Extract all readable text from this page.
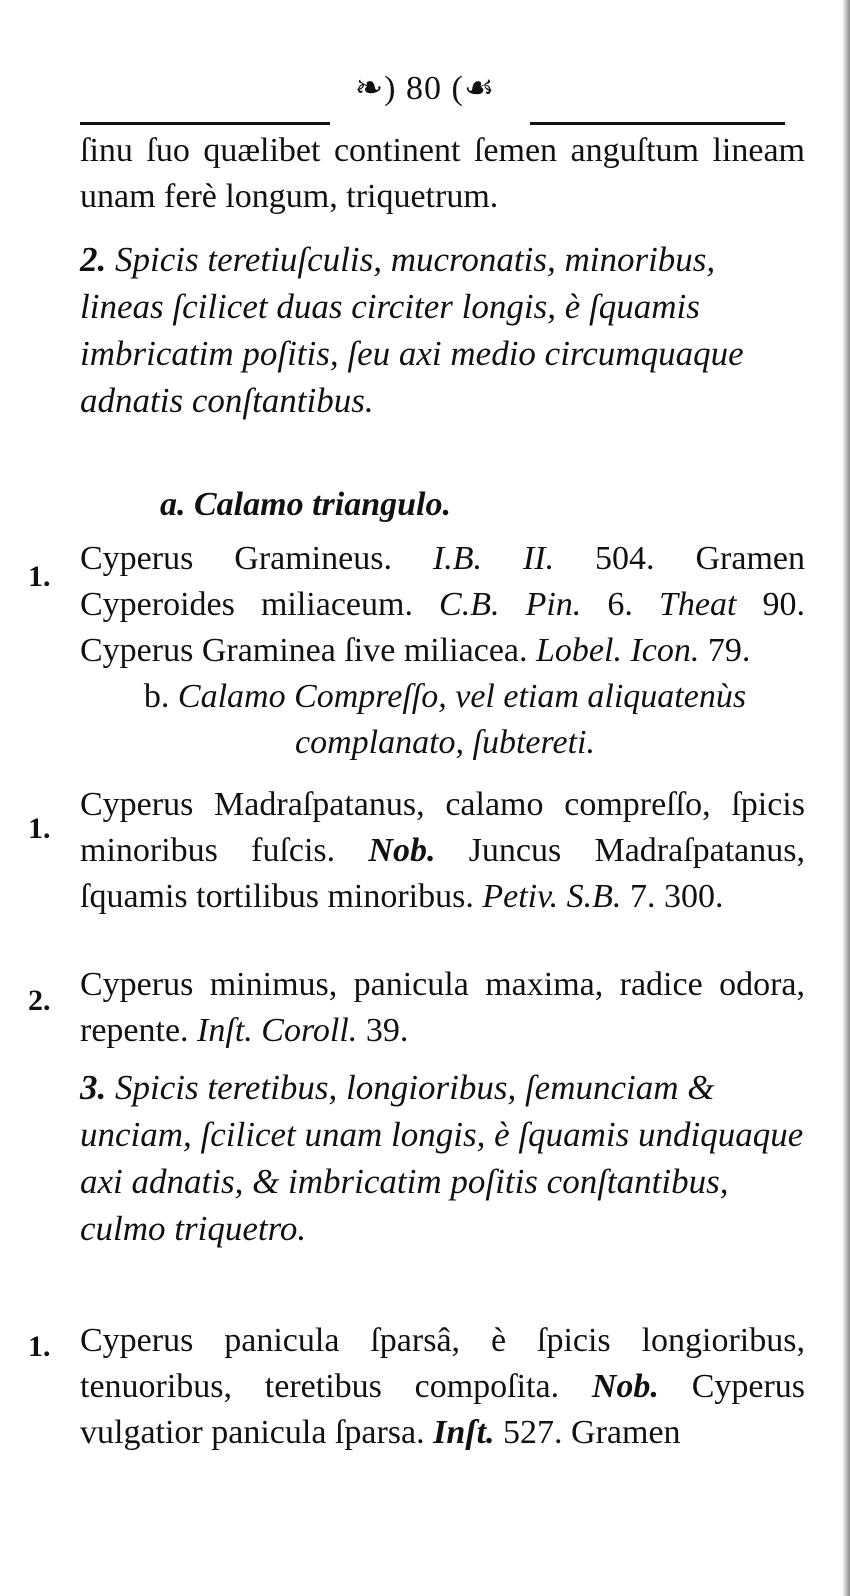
❧) 80 (☙
ſinu ſuo quælibet continent ſemen anguſtum lineam unam ferè longum, triquetrum.
2. Spicis teretiuſculis, mucronatis, minoribus, lineas ſcilicet duas circiter longis, è ſquamis imbricatim poſitis, ſeu axi medio circumquaque adnatis conſtantibus.
a. Calamo triangulo.
1. Cyperus Gramineus. I.B. II. 504. Gramen Cyperoides miliaceum. C.B. Pin. 6. Theat 90. Cyperus Graminea ſive miliacea. Lobel. Icon. 79.
b. Calamo Compreſſo, vel etiam aliquatenùs complanato, ſubtereti.
1.
Cyperus Madraſpatanus, calamo compreſſo, ſpicis minoribus fuſcis. Nob. Juncus Madraſpatanus, ſquamis tortilibus minoribus. Petiv. S.B. 7. 300.
2. Cyperus minimus, panicula maxima, radice odora, repente. Inſt. Coroll. 39.
3. Spicis teretibus, longioribus, ſemunciam & unciam, ſcilicet unam longis, è ſquamis undiquaque axi adnatis, & imbricatim poſitis conſtantibus, culmo triquetro.
1. Cyperus panicula ſparsâ, è ſpicis longioribus, tenuoribus, teretibus compoſita. Nob. Cyperus vulgatior panicula ſparsa. Inſt. 527. Gramen
